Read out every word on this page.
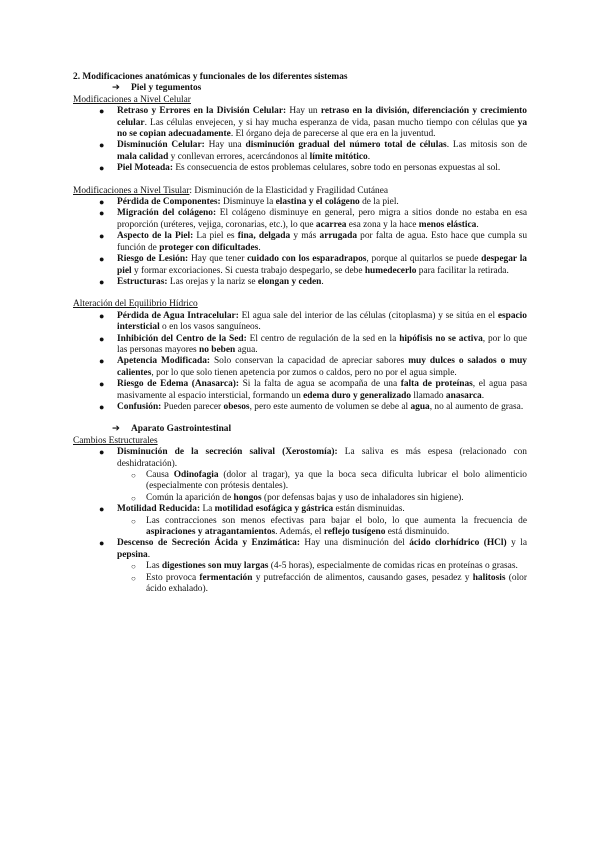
2. Modificaciones anatómicas y funcionales de los diferentes sistemas

➔ Piel y tegumentos

Modificaciones a Nivel Celular

● Retraso y Errores en la División Celular: Hay un retraso en la división, diferenciación y crecimiento celular. Las células envejecen, y si hay mucha esperanza de vida, pasan mucho tiempo con células que ya no se copian adecuadamente. El órgano deja de parecerse al que era en la juventud.
● Disminución Celular: Hay una disminución gradual del número total de células. Las mitosis son de mala calidad y conllevan errores, acercándonos al límite mitótico.
● Piel Moteada: Es consecuencia de estos problemas celulares, sobre todo en personas expuestas al sol.

Modificaciones a Nivel Tisular: Disminución de la Elasticidad y Fragilidad Cutánea

● Pérdida de Componentes: Disminuye la elastina y el colágeno de la piel.
● Migración del colágeno: El colágeno disminuye en general, pero migra a sitios donde no estaba en esa proporción (uréteres, vejiga, coronarias, etc.), lo que acarrea esa zona y la hace menos elástica.
● Aspecto de la Piel: La piel es fina, delgada y más arrugada por falta de agua. Esto hace que cumpla su función de proteger con dificultades.
● Riesgo de Lesión: Hay que tener cuidado con los esparadrapos, porque al quitarlos se puede despegar la piel y formar excoriaciones. Si cuesta trabajo despegarlo, se debe humedecerlo para facilitar la retirada.
● Estructuras: Las orejas y la nariz se elongan y ceden.

Alteración del Equilibrio Hídrico

● Pérdida de Agua Intracelular: El agua sale del interior de las células (citoplasma) y se sitúa en el espacio intersticial o en los vasos sanguíneos.
● Inhibición del Centro de la Sed: El centro de regulación de la sed en la hipófisis no se activa, por lo que las personas mayores no beben agua.
● Apetencia Modificada: Solo conservan la capacidad de apreciar sabores muy dulces o salados o muy calientes, por lo que solo tienen apetencia por zumos o caldos, pero no por el agua simple.
● Riesgo de Edema (Anasarca): Si la falta de agua se acompaña de una falta de proteínas, el agua pasa masivamente al espacio intersticial, formando un edema duro y generalizado llamado anasarca.
● Confusión: Pueden parecer obesos, pero este aumento de volumen se debe al agua, no al aumento de grasa.
➔ Aparato Gastrointestinal

Cambios Estructurales

● Disminución de la secreción salival (Xerostomía): La saliva es más espesa (relacionado con deshidratación).
○ Causa Odinofagia (dolor al tragar), ya que la boca seca dificulta lubricar el bolo alimenticio (especialmente con prótesis dentales).
○ Común la aparición de hongos (por defensas bajas y uso de inhaladores sin higiene).
● Motilidad Reducida: La motilidad esofágica y gástrica están disminuidas.
○ Las contracciones son menos efectivas para bajar el bolo, lo que aumenta la frecuencia de aspiraciones y atragantamientos. Además, el reflejo tusígeno está disminuido.
● Descenso de Secreción Ácida y Enzimática: Hay una disminución del ácido clorhídrico (HCl) y la pepsina.
○ Las digestiones son muy largas (4-5 horas), especialmente de comidas ricas en proteínas o grasas.
○ Esto provoca fermentación y putrefacción de alimentos, causando gases, pesadez y halitosis (olor ácido exhalado).
